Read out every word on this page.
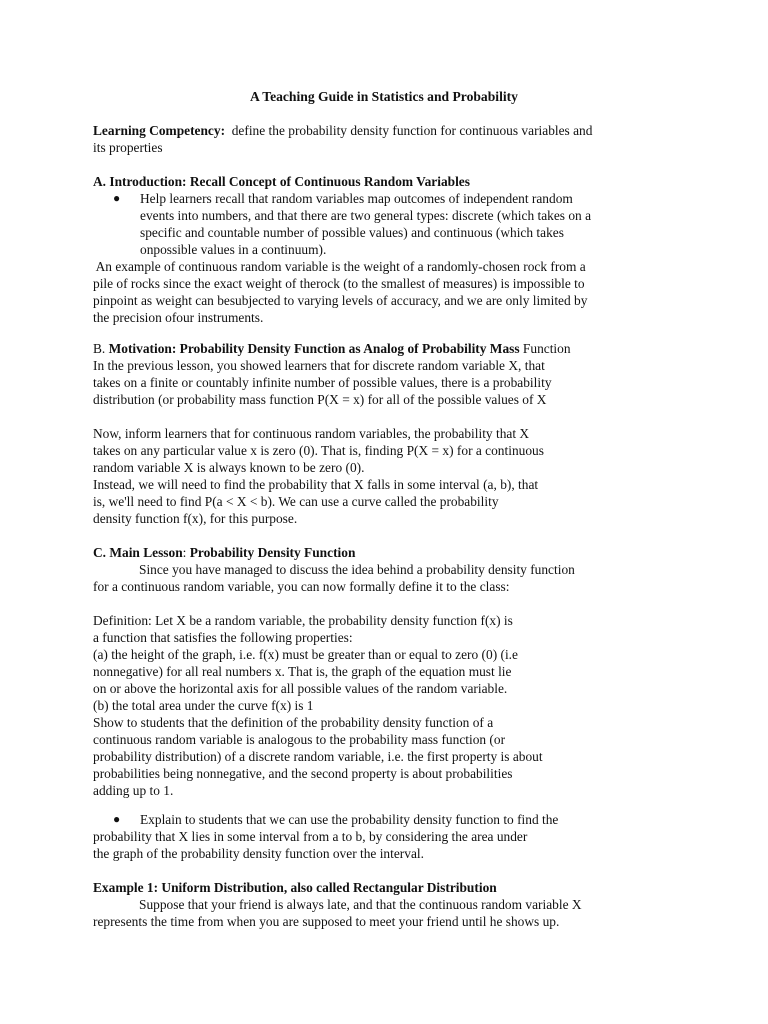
A Teaching Guide in Statistics and Probability
Learning Competency: define the probability density function for continuous variables and
its properties
A. Introduction: Recall Concept of Continuous Random Variables
● Help learners recall that random variables map outcomes of independent random
events into numbers, and that there are two general types: discrete (which takes on a
specific and countable number of possible values) and continuous (which takes
onpossible values in a continuum).
An example of continuous random variable is the weight of a randomly-chosen rock from a
pile of rocks since the exact weight of therock (to the smallest of measures) is impossible to
pinpoint as weight can besubjected to varying levels of accuracy, and we are only limited by
the precision ofour instruments.
B. Motivation: Probability Density Function as Analog of Probability Mass Function
In the previous lesson, you showed learners that for discrete random variable X, that
takes on a finite or countably infinite number of possible values, there is a probability
distribution (or probability mass function P(X = x) for all of the possible values of X
Now, inform learners that for continuous random variables, the probability that X
takes on any particular value x is zero (0). That is, finding P(X = x) for a continuous
random variable X is always known to be zero (0).
Instead, we will need to find the probability that X falls in some interval (a, b), that
is, we'll need to find P(a < X < b). We can use a curve called the probability
density function f(x), for this purpose.
C. Main Lesson: Probability Density Function
Since you have managed to discuss the idea behind a probability density function
for a continuous random variable, you can now formally define it to the class:
Definition: Let X be a random variable, the probability density function f(x) is
a function that satisfies the following properties:
(a) the height of the graph, i.e. f(x) must be greater than or equal to zero (0) (i.e
nonnegative) for all real numbers x. That is, the graph of the equation must lie
on or above the horizontal axis for all possible values of the random variable.
(b) the total area under the curve f(x) is 1
Show to students that the definition of the probability density function of a
continuous random variable is analogous to the probability mass function (or
probability distribution) of a discrete random variable, i.e. the first property is about
probabilities being nonnegative, and the second property is about probabilities
adding up to 1.
● Explain to students that we can use the probability density function to find the
probability that X lies in some interval from a to b, by considering the area under
the graph of the probability density function over the interval.
Example 1: Uniform Distribution, also called Rectangular Distribution
Suppose that your friend is always late, and that the continuous random variable X
represents the time from when you are supposed to meet your friend until he shows up.
